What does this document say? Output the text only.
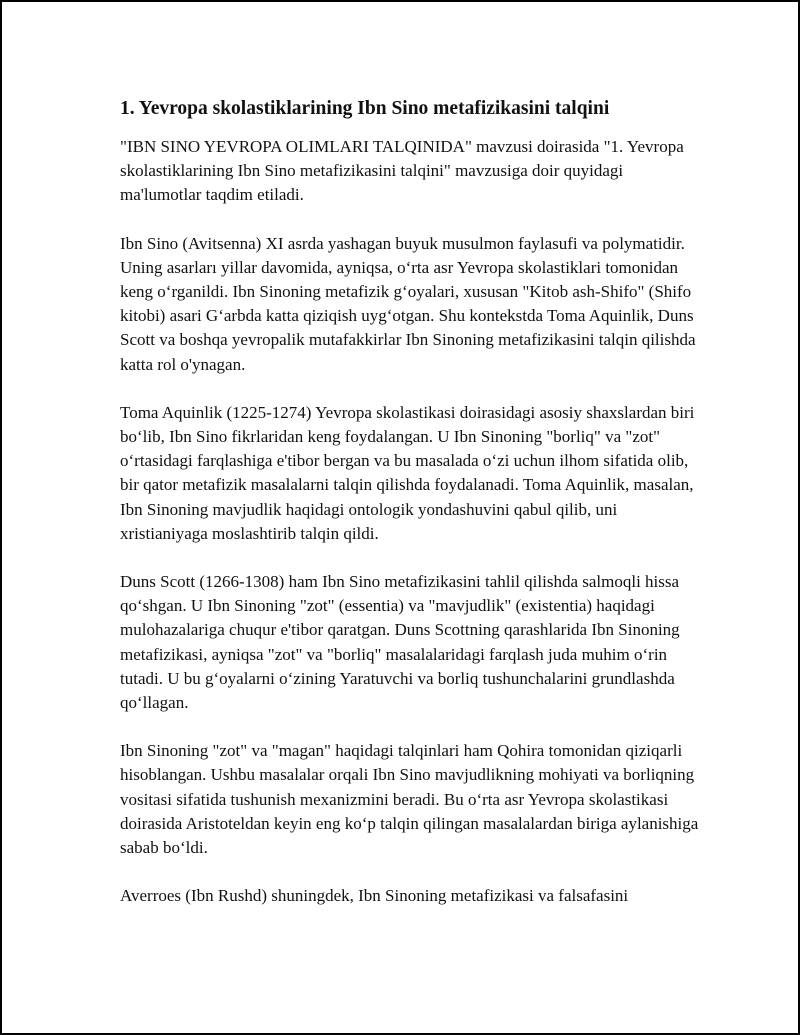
1. Yevropa skolastiklarining Ibn Sino metafizikasini talqini

"IBN SINO YEVROPA OLIMLARI TALQINIDA" mavzusi doirasida "1. Yevropa skolastiklarining Ibn Sino metafizikasini talqini" mavzusiga doir quyidagi ma'lumotlar taqdim etiladi.

Ibn Sino (Avitsenna) XI asrda yashagan buyuk musulmon faylasufi va polymatidir. Uning asarları yillar davomida, ayniqsa, o‘rta asr Yevropa skolastiklari tomonidan keng o‘rganildi. Ibn Sinoning metafizik g‘oyalari, xususan "Kitob ash-Shifo" (Shifo kitobi) asari G‘arbda katta qiziqish uyg‘otgan. Shu kontekstda Toma Aquinlik, Duns Scott va boshqa yevropalik mutafakkirlar Ibn Sinoning metafizikasini talqin qilishda katta rol o'ynagan.

Toma Aquinlik (1225-1274) Yevropa skolastikasi doirasidagi asosiy shaxslardan biri bo‘lib, Ibn Sino fikrlaridan keng foydalangan. U Ibn Sinoning "borliq" va "zot" o‘rtasidagi farqlashiga e'tibor bergan va bu masalada o‘zi uchun ilhom sifatida olib, bir qator metafizik masalalarni talqin qilishda foydalanadi. Toma Aquinlik, masalan, Ibn Sinoning mavjudlik haqidagi ontologik yondashuvini qabul qilib, uni xristianiyaga moslashtirib talqin qildi.

Duns Scott (1266-1308) ham Ibn Sino metafizikasini tahlil qilishda salmoqli hissa qo‘shgan. U Ibn Sinoning "zot" (essentia) va "mavjudlik" (existentia) haqidagi mulohazalariga chuqur e'tibor qaratgan. Duns Scottning qarashlarida Ibn Sinoning metafizikasi, ayniqsa "zot" va "borliq" masalalaridagi farqlash juda muhim o‘rin tutadi. U bu g‘oyalarni o‘zining Yaratuvchi va borliq tushunchalarini grundlashda qo‘llagan.

Ibn Sinoning "zot" va "magan" haqidagi talqinlari ham Qohira tomonidan qiziqarli hisoblangan. Ushbu masalalar orqali Ibn Sino mavjudlikning mohiyati va borliqning vositasi sifatida tushunish mexanizmini beradi. Bu o‘rta asr Yevropa skolastikasi doirasida Aristoteldan keyin eng ko‘p talqin qilingan masalalardan biriga aylanishiga sabab bo‘ldi.

Averroes (Ibn Rushd) shuningdek, Ibn Sinoning metafizikasi va falsafasini
